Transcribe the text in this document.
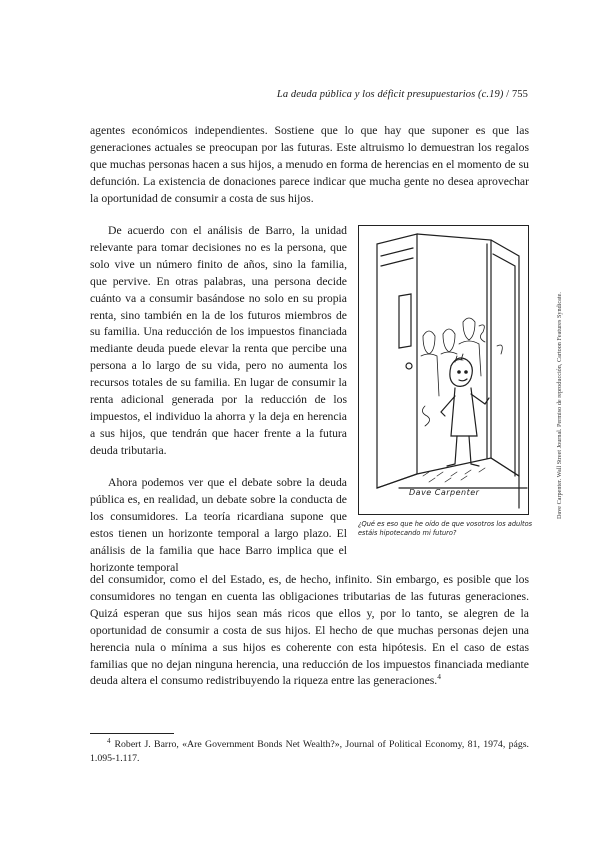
La deuda pública y los déficit presupuestarios (c.19) / 755

agentes económicos independientes. Sostiene que lo que hay que suponer es que las generaciones actuales se preocupan por las futuras. Este altruismo lo demuestran los regalos que muchas personas hacen a sus hijos, a menudo en forma de herencias en el momento de su defunción. La existencia de donaciones parece indicar que mucha gente no desea aprovechar la oportunidad de consumir a costa de sus hijos.

De acuerdo con el análisis de Barro, la unidad relevante para tomar decisiones no es la persona, que solo vive un número finito de años, sino la familia, que pervive. En otras palabras, una persona decide cuánto va a consumir basándose no solo en su propia renta, sino también en la de los futuros miembros de su familia. Una reducción de los impuestos financiada mediante deuda puede elevar la renta que percibe una persona a lo largo de su vida, pero no aumenta los recursos totales de su familia. En lugar de consumir la renta adicional generada por la reducción de los impuestos, el individuo la ahorra y la deja en herencia a sus hijos, que tendrán que hacer frente a la futura deuda tributaria.

Ahora podemos ver que el debate sobre la deuda pública es, en realidad, un debate sobre la conducta de los consumidores. La teoría ricardiana supone que estos tienen un horizonte temporal a largo plazo. El análisis de la familia que hace Barro implica que el horizonte temporal

del consumidor, como el del Estado, es, de hecho, infinito. Sin embargo, es posible que los consumidores no tengan en cuenta las obligaciones tributarias de las futuras generaciones. Quizá esperan que sus hijos sean más ricos que ellos y, por lo tanto, se alegren de la oportunidad de consumir a costa de sus hijos. El hecho de que muchas personas dejen una herencia nula o mínima a sus hijos es coherente con esta hipótesis. En el caso de estas familias que no dejan ninguna herencia, una reducción de los impuestos financiada mediante deuda altera el consumo redistribuyendo la riqueza entre las generaciones.$^4$

Dave Carpenter
¿Qué es eso que he oído de que vosotros los adultos estáis hipotecando mi futuro?
Dave Carpenter. Wall Street Journal. Permiso de reproducción, Cartoon Features Syndicate.

$^4$ Robert J. Barro, «Are Government Bonds Net Wealth?», Journal of Political Economy, 81, 1974, págs. 1.095-1.117.
